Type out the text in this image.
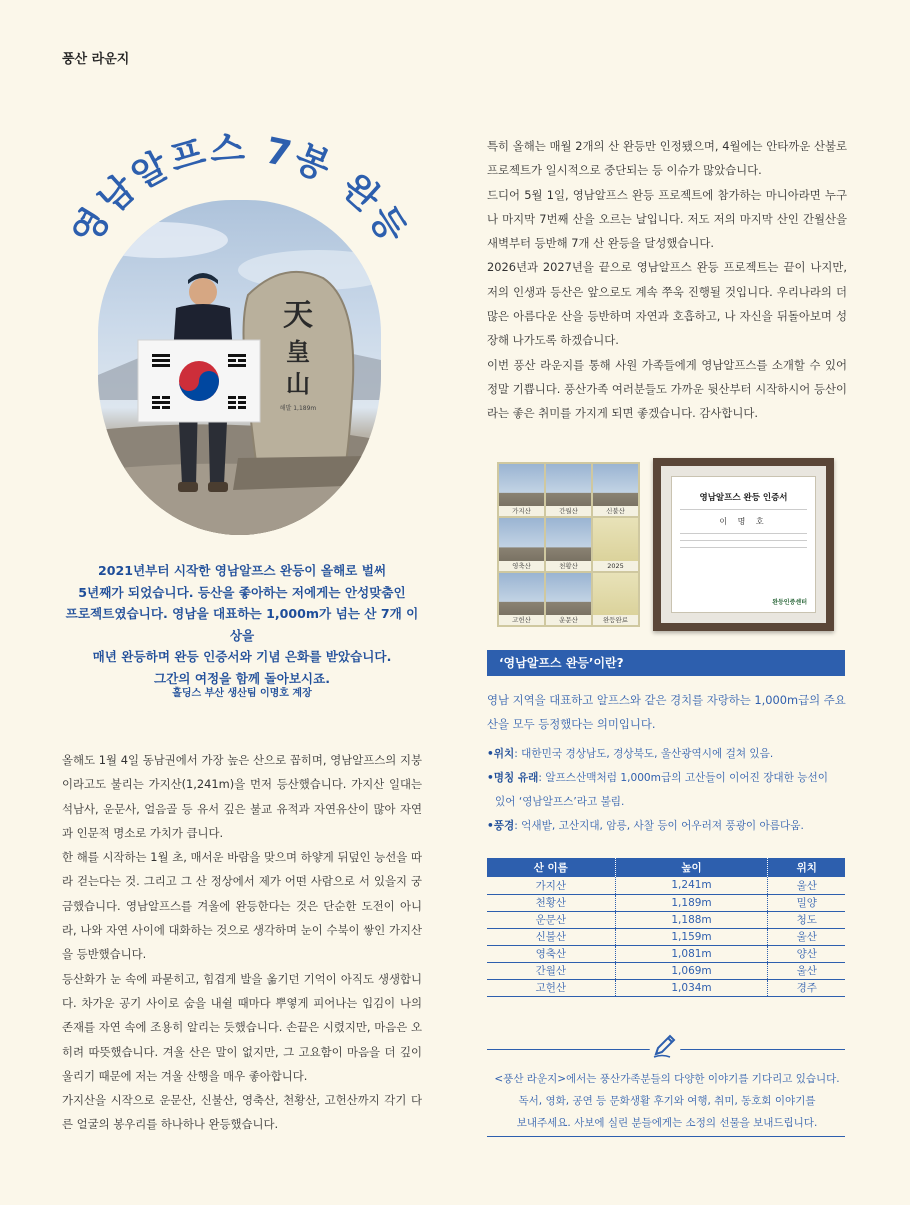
풍산 라운지
영남알프스 7봉 완등
天
皇
山
해발 1,189m
2021년부터 시작한 영남알프스 완등이 올해로 벌써
5년째가 되었습니다. 등산을 좋아하는 저에게는 안성맞춤인
프로젝트였습니다. 영남을 대표하는 1,000m가 넘는 산 7개 이상을
매년 완등하며 완등 인증서와 기념 은화를 받았습니다.
그간의 여정을 함께 돌아보시죠.
홀딩스 부산 생산팀 이명호 계장

올해도 1월 4일 동남권에서 가장 높은 산으로 꼽히며, 영남알프스의 지붕이라고도 불리는 가지산(1,241m)을 먼저 등산했습니다. 가지산 일대는 석남사, 운문사, 얼음골 등 유서 깊은 불교 유적과 자연유산이 많아 자연과 인문적 명소로 가치가 큽니다.

한 해를 시작하는 1월 초, 매서운 바람을 맞으며 하얗게 뒤덮인 능선을 따라 걷는다는 것. 그리고 그 산 정상에서 제가 어떤 사람으로 서 있을지 궁금했습니다. 영남알프스를 겨울에 완등한다는 것은 단순한 도전이 아니라, 나와 자연 사이에 대화하는 것으로 생각하며 눈이 수북이 쌓인 가지산을 등반했습니다.

등산화가 눈 속에 파묻히고, 힘겹게 발을 옮기던 기억이 아직도 생생합니다. 차가운 공기 사이로 숨을 내쉴 때마다 뿌옇게 피어나는 입김이 나의 존재를 자연 속에 조용히 알리는 듯했습니다. 손끝은 시렸지만, 마음은 오히려 따뜻했습니다. 겨울 산은 말이 없지만, 그 고요함이 마음을 더 깊이 울리기 때문에 저는 겨울 산행을 매우 좋아합니다.

가지산을 시작으로 운문산, 신불산, 영축산, 천황산, 고헌산까지 각기 다른 얼굴의 봉우리를 하나하나 완등했습니다.

특히 올해는 매월 2개의 산 완등만 인정됐으며, 4월에는 안타까운 산불로 프로젝트가 일시적으로 중단되는 등 이슈가 많았습니다.

드디어 5월 1일, 영남알프스 완등 프로젝트에 참가하는 마니아라면 누구나 마지막 7번째 산을 오르는 날입니다. 저도 저의 마지막 산인 간월산을 새벽부터 등반해 7개 산 완등을 달성했습니다.

2026년과 2027년을 끝으로 영남알프스 완등 프로젝트는 끝이 나지만, 저의 인생과 등산은 앞으로도 계속 쭈욱 진행될 것입니다. 우리나라의 더 많은 아름다운 산을 등반하며 자연과 호흡하고, 나 자신을 뒤돌아보며 성장해 나가도록 하겠습니다.

이번 풍산 라운지를 통해 사원 가족들에게 영남알프스를 소개할 수 있어 정말 기쁩니다. 풍산가족 여러분들도 가까운 뒷산부터 시작하시어 등산이라는 좋은 취미를 가지게 되면 좋겠습니다. 감사합니다.

가지산	간월산	신불산
영축산	천황산	2025
고헌산	운문산	완등완료
영남알프스 완등 인증서
이 명 호
완등인증센터
‘영남알프스 완등’이란?
영남 지역을 대표하고 알프스와 같은 경치를 자랑하는 1,000m급의 주요 산을 모두 등정했다는 의미입니다.
•위치: 대한민국 경상남도, 경상북도, 울산광역시에 걸쳐 있음.
•명칭 유래: 알프스산맥처럼 1,000m급의 고산들이 이어진 장대한 능선이
있어 ‘영남알프스’라고 불림.
•풍경: 억새밭, 고산지대, 암릉, 사찰 등이 어우러져 풍광이 아름다움.
산 이름	높이	위치
가지산	1,241m	울산
천황산	1,189m	밀양
운문산	1,188m	청도
신불산	1,159m	울산
영축산	1,081m	양산
간월산	1,069m	울산
고헌산	1,034m	경주
<풍산 라운지>에서는 풍산가족분들의 다양한 이야기를 기다리고 있습니다.
독서, 영화, 공연 등 문화생활 후기와 여행, 취미, 동호회 이야기를
보내주세요. 사보에 실린 분들에게는 소정의 선물을 보내드립니다.
